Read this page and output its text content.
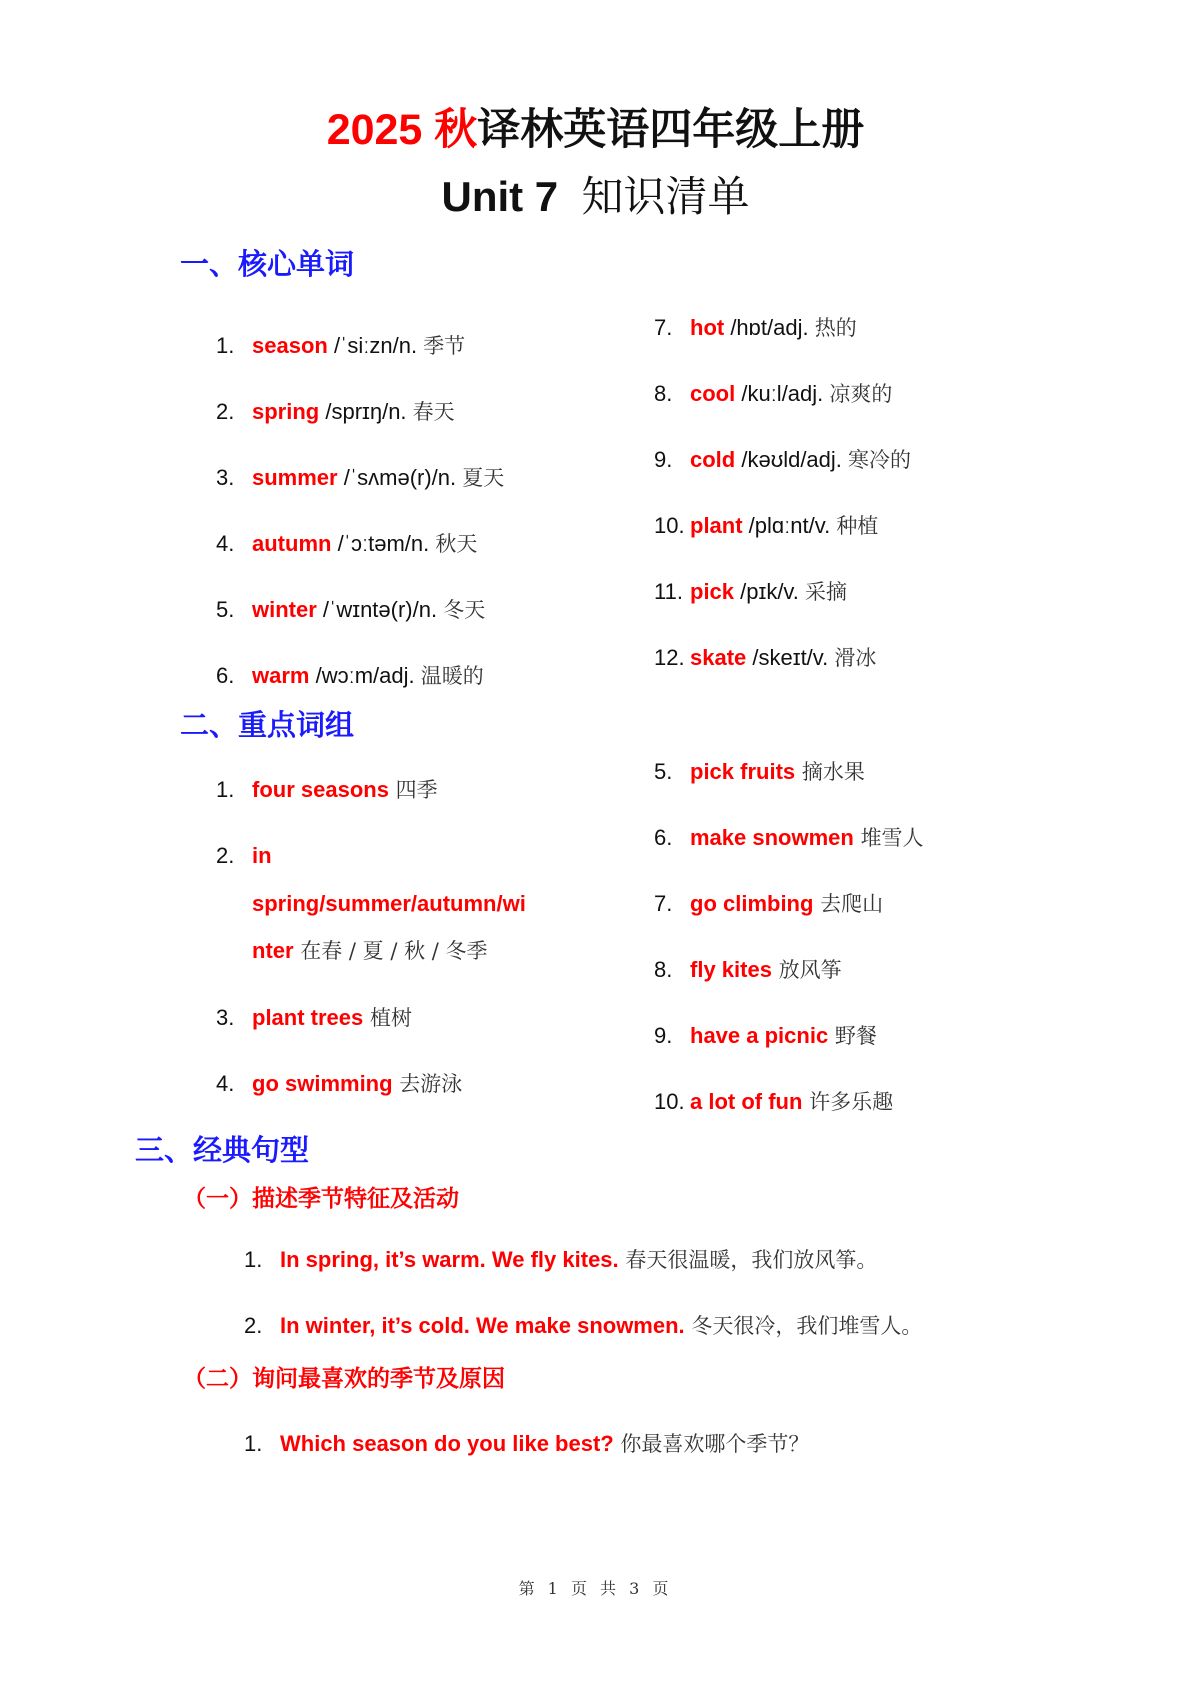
2025 秋译林英语四年级上册
Unit 7 知识清单
一、核心单词
1. season /ˈsiːzn/n. 季节
2. spring /sprɪŋ/n. 春天
3. summer /ˈsʌmə(r)/n. 夏天
4. autumn /ˈɔːtəm/n. 秋天
5. winter /ˈwɪntə(r)/n. 冬天
6. warm /wɔːm/adj. 温暖的
7. hot /hɒt/adj. 热的
8. cool /kuːl/adj. 凉爽的
9. cold /kəʊld/adj. 寒冷的
10. plant /plɑːnt/v. 种植
11. pick /pɪk/v. 采摘
12. skate /skeɪt/v. 滑冰
二、重点词组
1. four seasons 四季
2. in
spring/summer/autumn/wi
nter 在春 / 夏 / 秋 / 冬季
3. plant trees 植树
4. go swimming 去游泳
5. pick fruits 摘水果
6. make snowmen 堆雪人
7. go climbing 去爬山
8. fly kites 放风筝
9. have a picnic 野餐
10. a lot of fun 许多乐趣
三、经典句型
（一）描述季节特征及活动
1. In spring, it’s warm. We fly kites. 春天很温暖，我们放风筝。
2. In winter, it’s cold. We make snowmen. 冬天很冷，我们堆雪人。
（二）询问最喜欢的季节及原因
1. Which season do you like best? 你最喜欢哪个季节？
第 1 页 共 3 页
